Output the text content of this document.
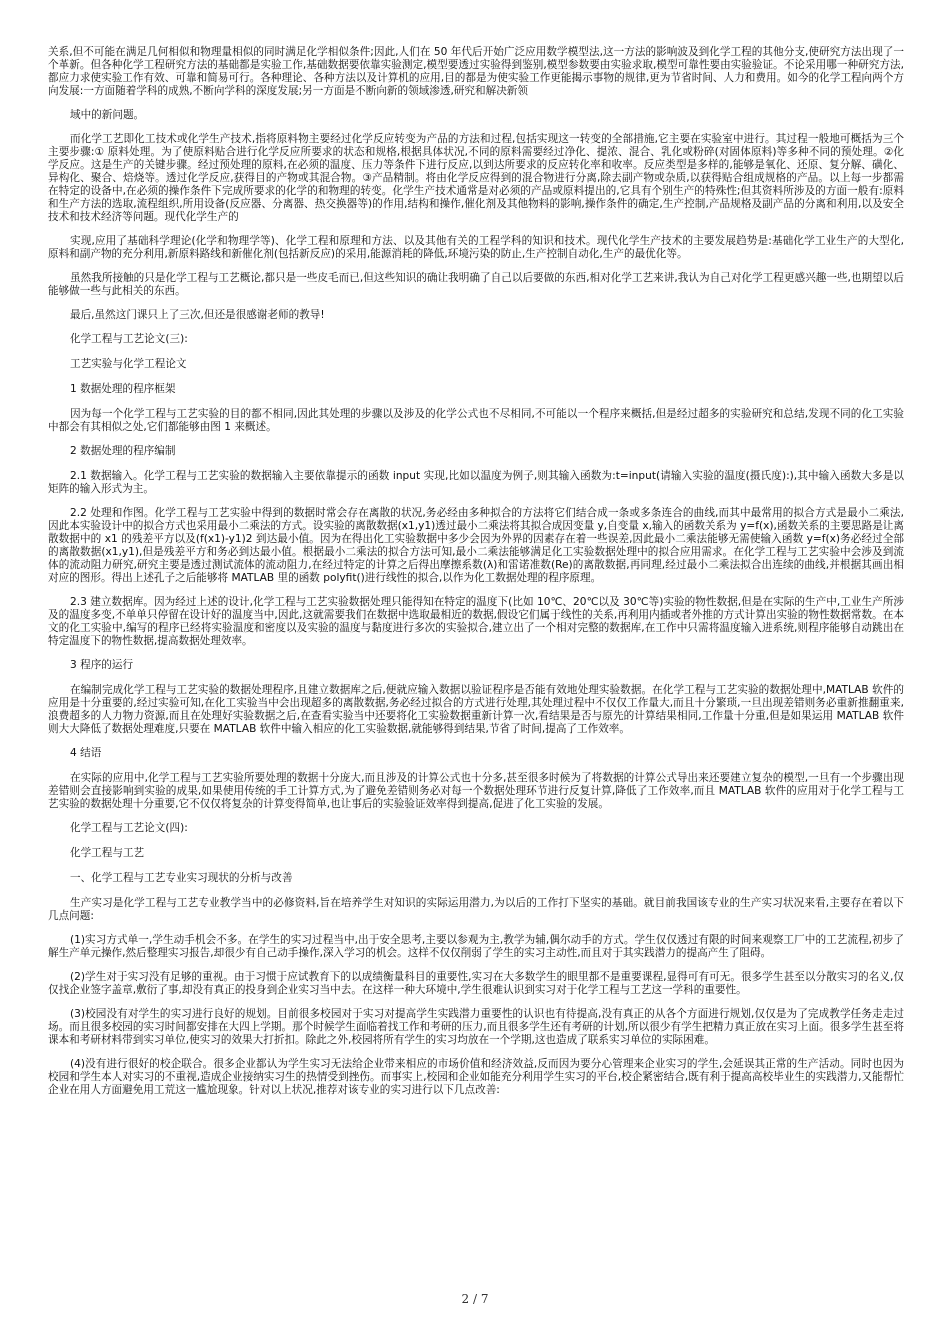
关系,但不可能在满足几何相似和物理量相似的同时满足化学相似条件;因此,人们在 50 年代后开始广泛应用数学模型法,这一方法的影响波及到化学工程的其他分支,使研究方法出现了一个革新。但各种化学工程研究方法的基础都是实验工作,基础数据要依靠实验测定,模型要透过实验得到鉴别,模型参数要由实验求取,模型可靠性要由实验验证。不论采用哪一种研究方法,都应力求使实验工作有效、可靠和简易可行。各种理论、各种方法以及计算机的应用,目的都是为使实验工作更能揭示事物的规律,更为节省时间、人力和费用。如今的化学工程向两个方向发展:一方面随着学科的成熟,不断向学科的深度发展;另一方面是不断向新的领域渗透,研究和解决新领

域中的新问题。

而化学工艺即化工技术或化学生产技术,指将原料物主要经过化学反应转变为产品的方法和过程,包括实现这一转变的全部措施,它主要在实验室中进行。其过程一般地可概括为三个主要步骤:① 原料处理。为了使原料贴合进行化学反应所要求的状态和规格,根据具体状况,不同的原料需要经过净化、提浓、混合、乳化或粉碎(对固体原料)等多种不同的预处理。②化学反应。这是生产的关键步骤。经过预处理的原料,在必须的温度、压力等条件下进行反应,以到达所要求的反应转化率和收率。反应类型是多样的,能够是氧化、还原、复分解、磺化、异构化、聚合、焙烧等。透过化学反应,获得目的产物或其混合物。③产品精制。将由化学反应得到的混合物进行分离,除去副产物或杂质,以获得贴合组成规格的产品。以上每一步都需在特定的设备中,在必须的操作条件下完成所要求的化学的和物理的转变。化学生产技术通常是对必须的产品或原料提出的,它具有个别生产的特殊性;但其资料所涉及的方面一般有:原料和生产方法的选取,流程组织,所用设备(反应器、分离器、热交换器等)的作用,结构和操作,催化剂及其他物料的影响,操作条件的确定,生产控制,产品规格及副产品的分离和利用,以及安全技术和技术经济等问题。现代化学生产的

实现,应用了基础科学理论(化学和物理学等)、化学工程和原理和方法、以及其他有关的工程学科的知识和技术。现代化学生产技术的主要发展趋势是:基础化学工业生产的大型化,原料和副产物的充分利用,新原料路线和新催化剂(包括新反应)的采用,能源消耗的降低,环境污染的防止,生产控制自动化,生产的最优化等。

虽然我所接触的只是化学工程与工艺概论,都只是一些皮毛而已,但这些知识的确让我明确了自己以后要做的东西,相对化学工艺来讲,我认为自己对化学工程更感兴趣一些,也期望以后能够做一些与此相关的东西。

最后,虽然这门课只上了三次,但还是很感谢老师的教导!

化学工程与工艺论文(三):

工艺实验与化学工程论文

1 数据处理的程序框架

因为每一个化学工程与工艺实验的目的都不相同,因此其处理的步骤以及涉及的化学公式也不尽相同,不可能以一个程序来概括,但是经过超多的实验研究和总结,发现不同的化工实验中都会有其相似之处,它们都能够由图 1 来概述。

2 数据处理的程序编制

2.1 数据输入。化学工程与工艺实验的数据输入主要依靠提示的函数 input 实现,比如以温度为例子,则其输入函数为:t=input(请输入实验的温度(摄氏度):),其中输入函数大多是以矩阵的输入形式为主。

2.2 处理和作图。化学工程与工艺实验中得到的数据时常会存在离散的状况,务必经由多种拟合的方法将它们结合成一条或多条连合的曲线,而其中最常用的拟合方式是最小二乘法,因此本实验设计中的拟合方式也采用最小二乘法的方式。设实验的离散数据(x1,y1)透过最小二乘法将其拟合成因变量 y,自变量 x,输入的函数关系为 y=f(x),函数关系的主要思路是让离散数据中的 x1 的残差平方以及(f(x1)-y1)2 到达最小值。因为在得出化工实验数据中多少会因为外界的因素存在着一些误差,因此最小二乘法能够无需使输入函数 y=f(x)务必经过全部的离散数据(x1,y1),但是残差平方和务必到达最小值。根据最小二乘法的拟合方法可知,最小二乘法能够满足化工实验数据处理中的拟合应用需求。在化学工程与工艺实验中会涉及到流体的流动阻力研究,研究主要是透过测试流体的流动阻力,在经过特定的计算之后得出摩擦系数(λ)和雷诺准数(Re)的离散数据,再同理,经过最小二乘法拟合出连续的曲线,并根据其画出相对应的图形。得出上述孔子之后能够将 MATLAB 里的函数 polyfit()进行线性的拟合,以作为化工数据处理的程序原理。

2.3 建立数据库。因为经过上述的设计,化学工程与工艺实验数据处理只能得知在特定的温度下(比如 10℃、20℃以及 30℃等)实验的物性数据,但是在实际的生产中,工业生产所涉及的温度多变,不单单只停留在设计好的温度当中,因此,这就需要我们在数据中选取最相近的数据,假设它们属于线性的关系,再利用内插或者外推的方式计算出实验的物性数据常数。在本文的化工实验中,编写的程序已经将实验温度和密度以及实验的温度与黏度进行多次的实验拟合,建立出了一个相对完整的数据库,在工作中只需将温度输入进系统,则程序能够自动跳出在特定温度下的物性数据,提高数据处理效率。

3 程序的运行

在编制完成化学工程与工艺实验的数据处理程序,且建立数据库之后,便就应输入数据以验证程序是否能有效地处理实验数据。在化学工程与工艺实验的数据处理中,MATLAB 软件的应用是十分重要的,经过实验可知,在化工实验当中会出现超多的离散数据,务必经过拟合的方式进行处理,其处理过程中不仅仅工作量大,而且十分繁琐,一旦出现差错则务必重新推翻重来,浪费超多的人力物力资源,而且在处理好实验数据之后,在查看实验当中还要将化工实验数据重新计算一次,看结果是否与原先的计算结果相同,工作量十分重,但是如果运用 MATLAB 软件则大大降低了数据处理难度,只要在 MATLAB 软件中输入相应的化工实验数据,就能够得到结果,节省了时间,提高了工作效率。

4 结语

在实际的应用中,化学工程与工艺实验所要处理的数据十分庞大,而且涉及的计算公式也十分多,甚至很多时候为了将数据的计算公式导出来还要建立复杂的模型,一旦有一个步骤出现差错则会直接影响到实验的成果,如果使用传统的手工计算方式,为了避免差错则务必对每一个数据处理环节进行反复计算,降低了工作效率,而且 MATLAB 软件的应用对于化学工程与工艺实验的数据处理十分重要,它不仅仅将复杂的计算变得简单,也让事后的实验验证效率得到提高,促进了化工实验的发展。

化学工程与工艺论文(四):

化学工程与工艺

一、化学工程与工艺专业实习现状的分析与改善

生产实习是化学工程与工艺专业教学当中的必修资料,旨在培养学生对知识的实际运用潜力,为以后的工作打下坚实的基础。就目前我国该专业的生产实习状况来看,主要存在着以下几点问题:

(1)实习方式单一,学生动手机会不多。在学生的实习过程当中,出于安全思考,主要以参观为主,教学为辅,偶尔动手的方式。学生仅仅透过有限的时间来观察工厂中的工艺流程,初步了解生产单元操作,然后整理实习报告,却很少有自己动手操作,深入学习的机会。这样不仅仅削弱了学生的实习主动性,而且对于其实践潜力的提高产生了阻碍。

(2)学生对于实习没有足够的重视。由于习惯于应试教育下的以成绩衡量科目的重要性,实习在大多数学生的眼里都不是重要课程,显得可有可无。很多学生甚至以分散实习的名义,仅仅找企业签字盖章,敷衍了事,却没有真正的投身到企业实习当中去。在这样一种大环境中,学生很难认识到实习对于化学工程与工艺这一学科的重要性。

(3)校园没有对学生的实习进行良好的规划。目前很多校园对于实习对提高学生实践潜力重要性的认识也有待提高,没有真正的从各个方面进行规划,仅仅是为了完成教学任务走走过场。而且很多校园的实习时间都安排在大四上学期。那个时候学生面临着找工作和考研的压力,而且很多学生还有考研的计划,所以很少有学生把精力真正放在实习上面。很多学生甚至将课本和考研材料带到实习单位,使实习的效果大打折扣。除此之外,校园将所有学生的实习均放在一个学期,这也造成了联系实习单位的实际困难。

(4)没有进行很好的校企联合。很多企业都认为学生实习无法给企业带来相应的市场价值和经济效益,反而因为要分心管理来企业实习的学生,会延误其正常的生产活动。同时也因为校园和学生本人对实习的不重视,造成企业接纳实习生的热情受到挫伤。而事实上,校园和企业如能充分利用学生实习的平台,校企紧密结合,既有利于提高高校毕业生的实践潜力,又能帮忙企业在用人方面避免用工荒这一尴尬现象。针对以上状况,推荐对该专业的实习进行以下几点改善:

2 / 7
